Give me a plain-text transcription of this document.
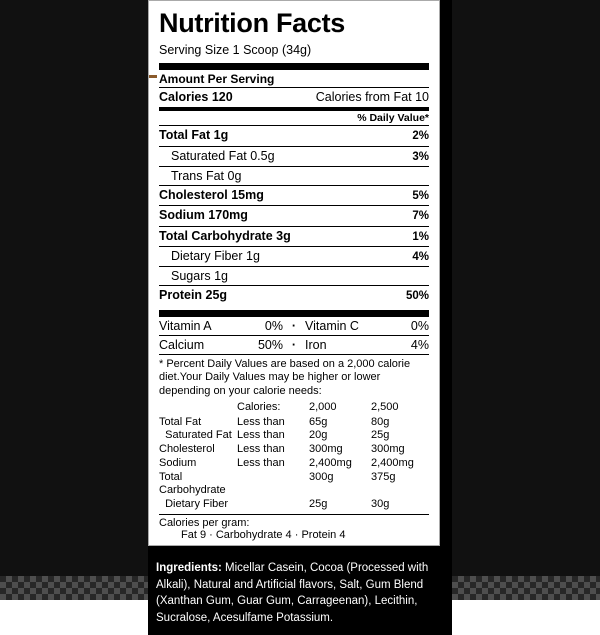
Nutrition Facts
Serving Size 1 Scoop (34g)
Amount Per Serving
Calories 120	Calories from Fat 10
% Daily Value*
Total Fat 1g	2%
Saturated Fat 0.5g	3%
Trans Fat 0g
Cholesterol 15mg	5%
Sodium 170mg	7%
Total Carbohydrate 3g	1%
Dietary Fiber 1g	4%
Sugars 1g
Protein 25g	50%
Vitamin A	0% · Vitamin C	0%
Calcium	50% · Iron	4%
* Percent Daily Values are based on a 2,000 calorie diet.Your Daily Values may be higher or lower depending on your calorie needs:
	Calories:	2,000	2,500
Total Fat	Less than	65g	80g
Saturated Fat	Less than	20g	25g
Cholesterol	Less than	300mg	300mg
Sodium	Less than	2,400mg	2,400mg
Total Carbohydrate		300g	375g
Dietary Fiber		25g	30g
Calories per gram:
Fat 9 · Carbohydrate 4 · Protein 4
Ingredients: Micellar Casein, Cocoa (Processed with Alkali), Natural and Artificial flavors, Salt, Gum Blend (Xanthan Gum, Guar Gum, Carrageenan), Lecithin, Sucralose, Acesulfame Potassium.
